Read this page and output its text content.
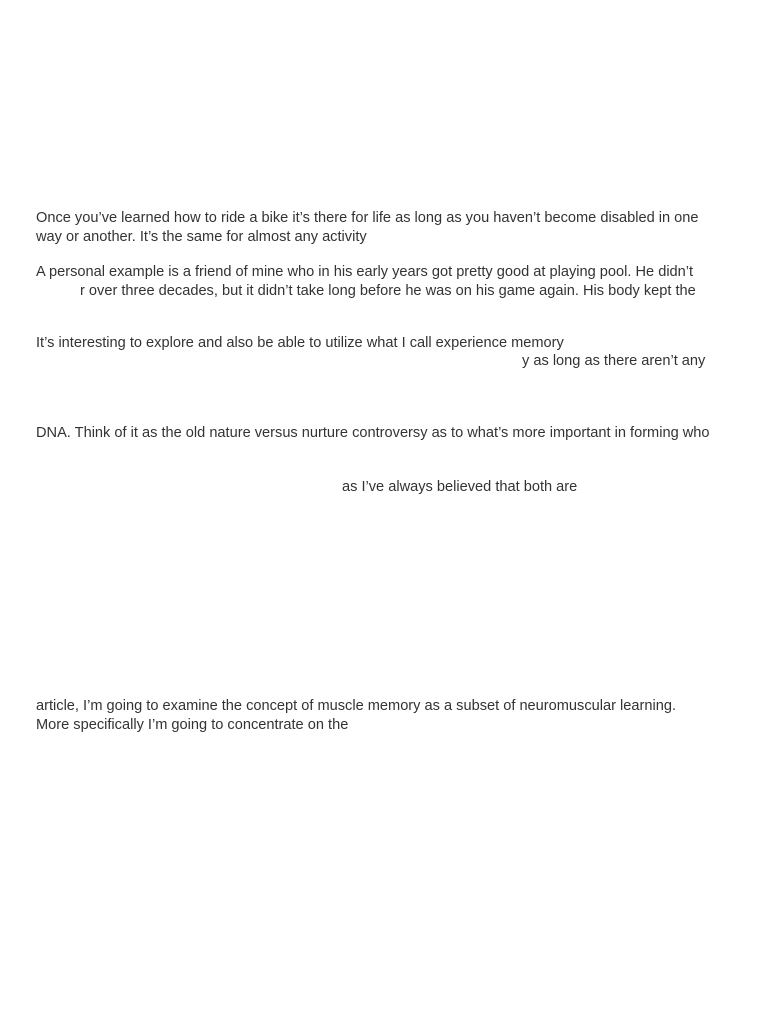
Once you’ve learned how to ride a bike it’s there for life as long as you haven’t become disabled in one
way or another. It’s the same for almost any activity
A personal example is a friend of mine who in his early years got pretty good at playing pool. He didn’t
r over three decades, but it didn’t take long before he was on his game again. His body kept the
It’s interesting to explore and also be able to utilize what I call experience memory
y as long as there aren’t any
DNA. Think of it as the old nature versus nurture controversy as to what’s more important in forming who
as I’ve always believed that both are
article, I’m going to examine the concept of muscle memory as a subset of neuromuscular learning.
More specifically I’m going to concentrate on the
